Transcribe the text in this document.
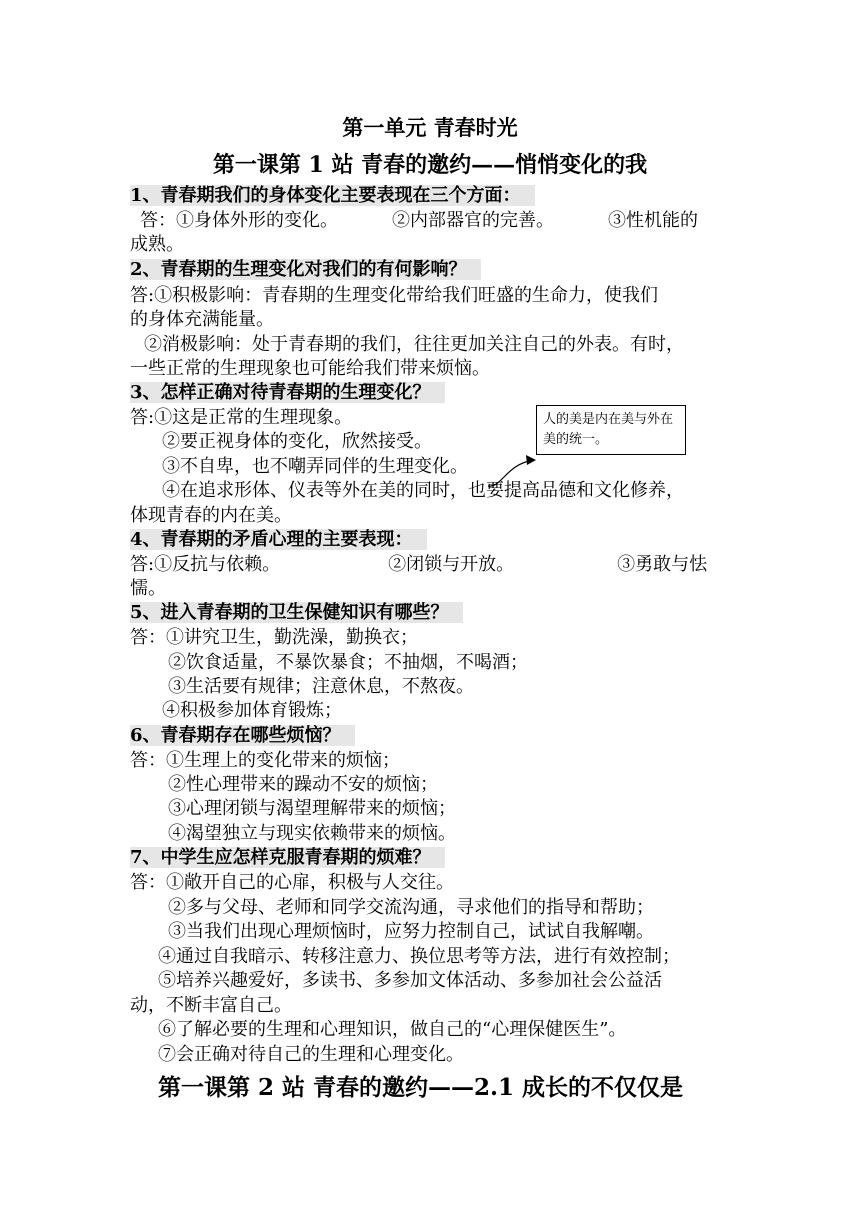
第一单元 青春时光
第一课第 1 站 青春的邀约——悄悄变化的我
1、青春期我们的身体变化主要表现在三个方面：
答：①身体外形的变化。	②内部器官的完善。	③性机能的
成熟。
2、青春期的生理变化对我们的有何影响？
答:①积极影响：青春期的生理变化带给我们旺盛的生命力，使我们
的身体充满能量。
②消极影响：处于青春期的我们，往往更加关注自己的外表。有时，
一些正常的生理现象也可能给我们带来烦恼。
3、怎样正确对待青春期的生理变化？
答:①这是正常的生理现象。
②要正视身体的变化，欣然接受。
③不自卑，也不嘲弄同伴的生理变化。
④在追求形体、仪表等外在美的同时，也要提高品德和文化修养，
体现青春的内在美。
人的美是内在美与外在美的统一。
4、青春期的矛盾心理的主要表现：
答:①反抗与依赖。	②闭锁与开放。	③勇敢与怯
懦。
5、进入青春期的卫生保健知识有哪些？
答：①讲究卫生，勤洗澡，勤换衣；
②饮食适量，不暴饮暴食；不抽烟，不喝酒；
③生活要有规律；注意休息，不熬夜。
④积极参加体育锻炼；
6、青春期存在哪些烦恼？
答：①生理上的变化带来的烦恼；
②性心理带来的躁动不安的烦恼；
③心理闭锁与渴望理解带来的烦恼；
④渴望独立与现实依赖带来的烦恼。
7、中学生应怎样克服青春期的烦难？
答：①敞开自己的心扉，积极与人交往。
②多与父母、老师和同学交流沟通，寻求他们的指导和帮助；
③当我们出现心理烦恼时，应努力控制自己，试试自我解嘲。
④通过自我暗示、转移注意力、换位思考等方法，进行有效控制；
⑤培养兴趣爱好，多读书、多参加文体活动、多参加社会公益活
动，不断丰富自己。
⑥了解必要的生理和心理知识，做自己的“心理保健医生”。
⑦会正确对待自己的生理和心理变化。
第一课第 2 站 青春的邀约——2.1 成长的不仅仅是
